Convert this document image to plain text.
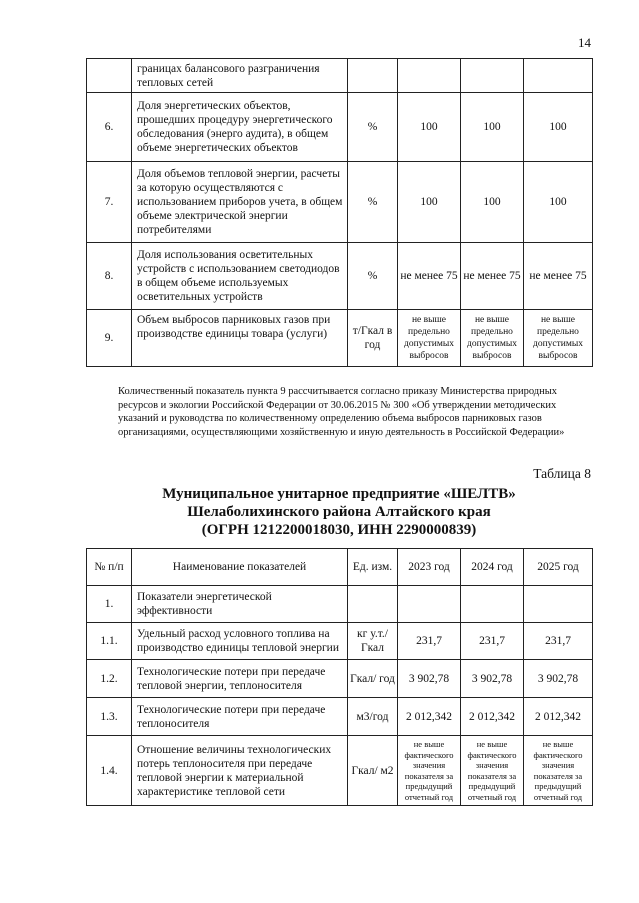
14
	границах балансового разграничения тепловых сетей				
6.	Доля энергетических объектов, прошедших процедуру энергетического обследования (энерго аудита), в общем объеме энергетических объектов	%	100	100	100
7.	Доля объемов тепловой энергии, расчеты за которую осуществляются с использованием приборов учета, в общем объеме электрической энергии потребителями	%	100	100	100
8.	Доля использования осветительных устройств с использованием светодиодов в общем объеме используемых осветительных устройств	%	не менее 75	не менее 75	не менее 75
9.	Объем выбросов парниковых газов при производстве единицы товара (услуги)	т/Гкал в год	не выше предельно допустимых выбросов	не выше предельно допустимых выбросов	не выше предельно допустимых выбросов
Количественный показатель пункта 9 рассчитывается согласно приказу Министерства природных ресурсов и экологии Российской Федерации от 30.06.2015 № 300 «Об утверждении методических указаний и руководства по количественному определению объема выбросов парниковых газов организациями, осуществляющими хозяйственную и иную деятельность в Российской Федерации»
Таблица 8
Муниципальное унитарное предприятие «ШЕЛТВ»
Шелаболихинского района Алтайского края
(ОГРН 1212200018030, ИНН 2290000839)
№ п/п	Наименование показателей	Ед. изм.	2023 год	2024 год	2025 год
1.	Показатели энергетической эффективности				
1.1.	Удельный расход условного топлива на производство единицы тепловой энергии	кг у.т./ Гкал	231,7	231,7	231,7
1.2.	Технологические потери при передаче тепловой энергии, теплоносителя	Гкал/ год	3 902,78	3 902,78	3 902,78
1.3.	Технологические потери при передаче теплоносителя	м3/год	2 012,342	2 012,342	2 012,342
1.4.	Отношение величины технологических потерь теплоносителя при передаче тепловой энергии к материальной характеристике тепловой сети	Гкал/ м2	не выше фактического значения показателя за предыдущий отчетный год	не выше фактического значения показателя за предыдущий отчетный год	не выше фактического значения показателя за предыдущий отчетный год
